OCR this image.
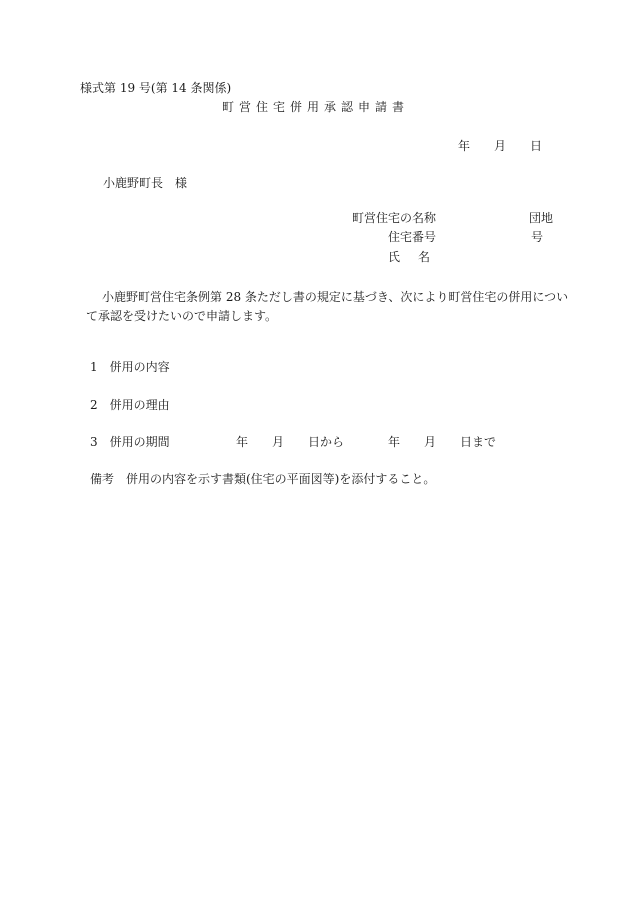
様式第 19 号(第 14 条関係)
町営住宅併用承認申請書
年 月 日
小鹿野町長　様
町営住宅の名称	団地
住宅番号	号
氏名
小鹿野町営住宅条例第 28 条ただし書の規定に基づき、次により町営住宅の併用について承認を受けたいので申請します。
1　併用の内容
2　併用の理由
3　併用の期間	年 月 日から	年 月 日まで
備考　併用の内容を示す書類(住宅の平面図等)を添付すること。
